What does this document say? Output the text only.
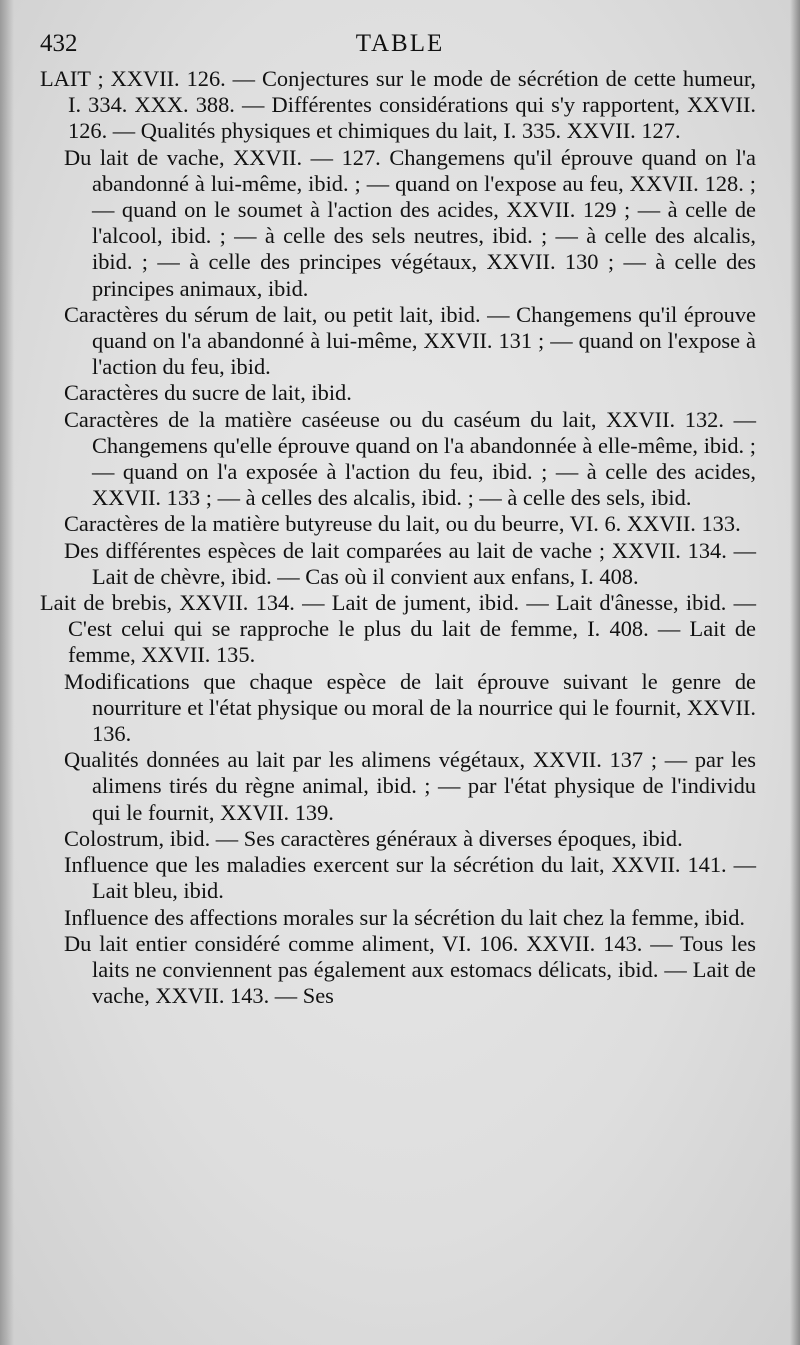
432	TABLE

LAIT ; XXVII. 126. — Conjectures sur le mode de sécrétion de cette humeur, I. 334. XXX. 388. — Différentes considérations qui s'y rapportent, XXVII. 126. — Qualités physiques et chimiques du lait, I. 335. XXVII. 127.

Du lait de vache, XXVII. — 127. Changemens qu'il éprouve quand on l'a abandonné à lui-même, ibid. ; — quand on l'expose au feu, XXVII. 128. ; — quand on le soumet à l'action des acides, XXVII. 129 ; — à celle de l'alcool, ibid. ; — à celle des sels neutres, ibid. ; — à celle des alcalis, ibid. ; — à celle des principes végétaux, XXVII. 130 ; — à celle des principes animaux, ibid.

Caractères du sérum de lait, ou petit lait, ibid. — Changemens qu'il éprouve quand on l'a abandonné à lui-même, XXVII. 131 ; — quand on l'expose à l'action du feu, ibid.

Caractères du sucre de lait, ibid.

Caractères de la matière caséeuse ou du caséum du lait, XXVII. 132. — Changemens qu'elle éprouve quand on l'a abandonnée à elle-même, ibid. ; — quand on l'a exposée à l'action du feu, ibid. ; — à celle des acides, XXVII. 133 ; — à celles des alcalis, ibid. ; — à celle des sels, ibid.

Caractères de la matière butyreuse du lait, ou du beurre, VI. 6. XXVII. 133.

Des différentes espèces de lait comparées au lait de vache ; XXVII. 134. — Lait de chèvre, ibid. — Cas où il convient aux enfans, I. 408.

Lait de brebis, XXVII. 134. — Lait de jument, ibid. — Lait d'ânesse, ibid. — C'est celui qui se rapproche le plus du lait de femme, I. 408. — Lait de femme, XXVII. 135.

Modifications que chaque espèce de lait éprouve suivant le genre de nourriture et l'état physique ou moral de la nourrice qui le fournit, XXVII. 136.

Qualités données au lait par les alimens végétaux, XXVII. 137 ; — par les alimens tirés du règne animal, ibid. ; — par l'état physique de l'individu qui le fournit, XXVII. 139.

Colostrum, ibid. — Ses caractères généraux à diverses époques, ibid.

Influence que les maladies exercent sur la sécrétion du lait, XXVII. 141. — Lait bleu, ibid.

Influence des affections morales sur la sécrétion du lait chez la femme, ibid.

Du lait entier considéré comme aliment, VI. 106. XXVII. 143. — Tous les laits ne conviennent pas également aux estomacs délicats, ibid. — Lait de vache, XXVII. 143. — Ses
